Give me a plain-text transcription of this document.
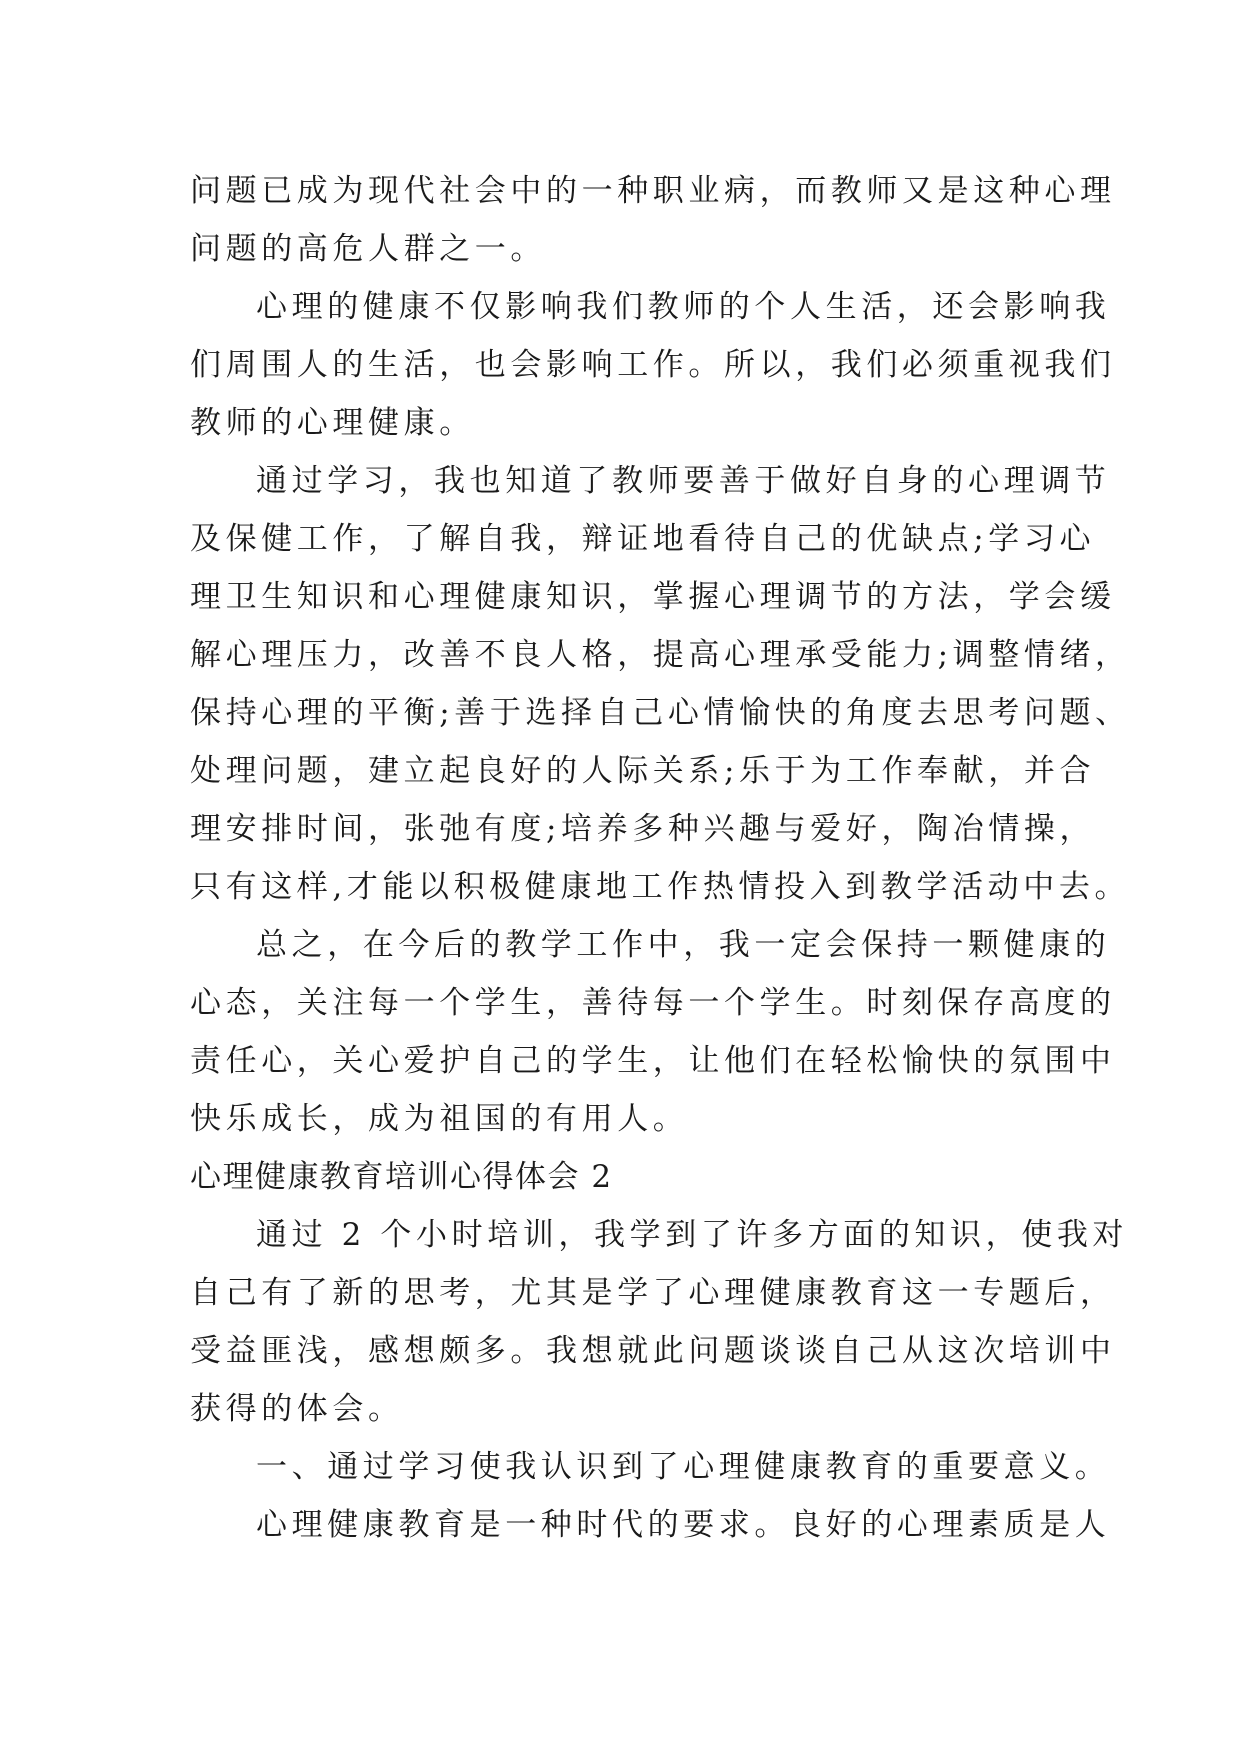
问题已成为现代社会中的一种职业病，而教师又是这种心理
问题的高危人群之一。
心理的健康不仅影响我们教师的个人生活，还会影响我
们周围人的生活，也会影响工作。所以，我们必须重视我们
教师的心理健康。
通过学习，我也知道了教师要善于做好自身的心理调节
及保健工作，了解自我，辩证地看待自己的优缺点;学习心
理卫生知识和心理健康知识，掌握心理调节的方法，学会缓
解心理压力，改善不良人格，提高心理承受能力;调整情绪，
保持心理的平衡;善于选择自己心情愉快的角度去思考问题、
处理问题，建立起良好的人际关系;乐于为工作奉献，并合
理安排时间，张弛有度;培养多种兴趣与爱好，陶冶情操，
只有这样,才能以积极健康地工作热情投入到教学活动中去。
总之，在今后的教学工作中，我一定会保持一颗健康的
心态，关注每一个学生，善待每一个学生。时刻保存高度的
责任心，关心爱护自己的学生，让他们在轻松愉快的氛围中
快乐成长，成为祖国的有用人。
心理健康教育培训心得体会 2
通过 2 个小时培训，我学到了许多方面的知识，使我对
自己有了新的思考，尤其是学了心理健康教育这一专题后，
受益匪浅，感想颇多。我想就此问题谈谈自己从这次培训中
获得的体会。
一、通过学习使我认识到了心理健康教育的重要意义。
心理健康教育是一种时代的要求。良好的心理素质是人
